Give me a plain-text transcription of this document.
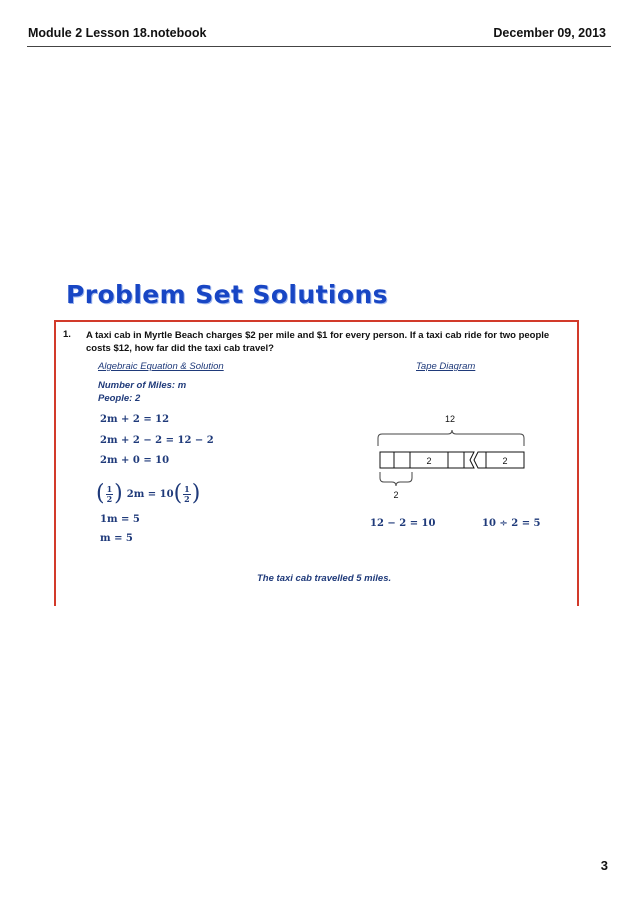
Module 2 Lesson 18.notebook	December 09, 2013
Problem Set Solutions
1. A taxi cab in Myrtle Beach charges $2 per mile and $1 for every person. If a taxi cab ride for two people costs $12, how far did the taxi cab travel?
Algebraic Equation & Solution	Tape Diagram
Number of Miles: m
People: 2
2m + 2 = 12
2m + 2 − 2 = 12 − 2
2m + 0 = 10
( $\frac{1}{2}$ ) 2m = 10 ( $\frac{1}{2}$ )
1m = 5
m = 5
12
2	2
2
12 − 2 = 10	10 ÷ 2 = 5
The taxi cab travelled 5 miles.
3
